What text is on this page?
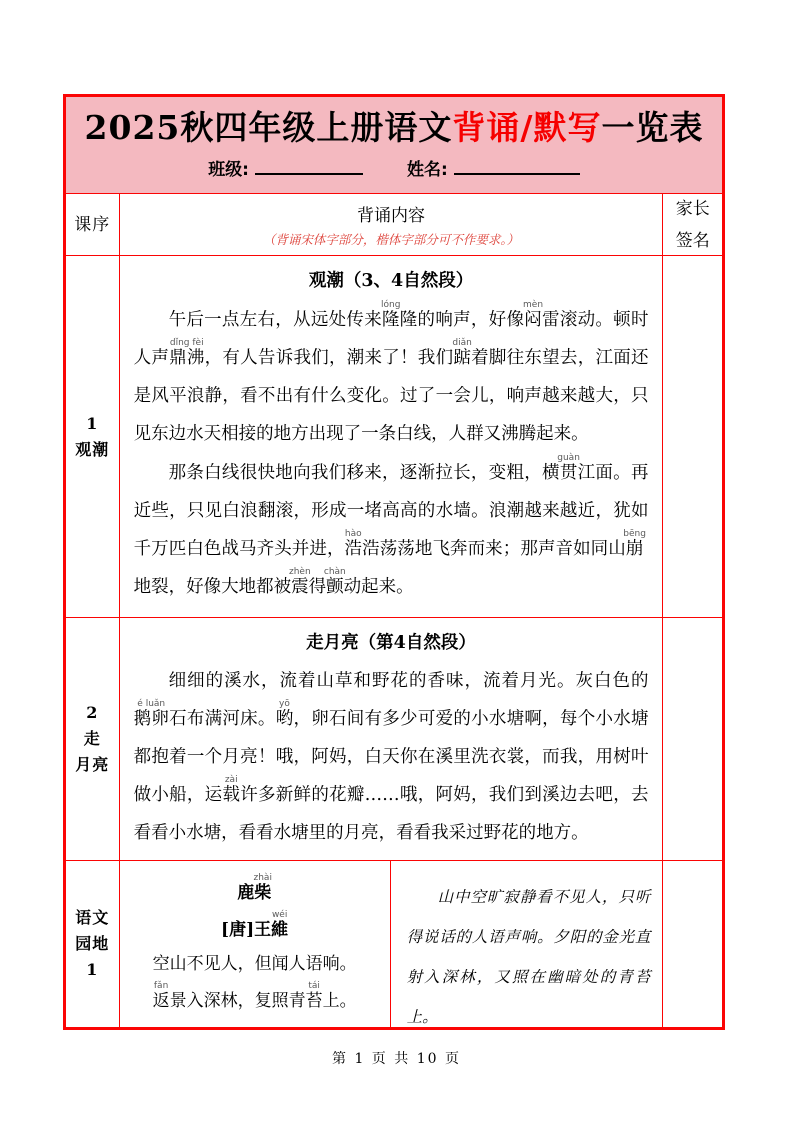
2025秋四年级上册语文背诵/默写一览表
班级:	姓名:
课序	背诵内容
（背诵宋体字部分，楷体字部分可不作要求。）
家长
签名
1
观潮
观潮（3、4自然段）

午后一点左右，从远处传来隆lóng隆的响声，好像闷mèn雷滚动。顿时人声鼎沸dǐng fèi，有人告诉我们，潮来了！我们踮diǎn着脚往东望去，江面还是风平浪静，看不出有什么变化。过了一会儿，响声越来越大，只见东边水天相接的地方出现了一条白线，人群又沸腾起来。

那条白线很快地向我们移来，逐渐拉长，变粗，横贯guàn江面。再近些，只见白浪翻滚，形成一堵高高的水墙。浪潮越来越近，犹如千万匹白色战马齐头并进，浩hào浩荡荡地飞奔而来；那声音如同山崩bēng地裂，好像大地都被震zhèn得颤chàn动起来。

2
走
月亮
走月亮（第4自然段）

细细的溪水，流着山草和野花的香味，流着月光。灰白色的鹅卵é luǎn石布满河床。哟yō，卵石间有多少可爱的小水塘啊，每个小水塘都抱着一个月亮！哦，阿妈，白天你在溪里洗衣裳，而我，用树叶做小船，运载zài许多新鲜的花瓣……哦，阿妈，我们到溪边去吧，去看看小水塘，看看水塘里的月亮，看看我采过野花的地方。

语文
园地
1
鹿柴zhài
[唐]王維wéi
空山不见人，但闻人语响。
返fǎn景入深林，复照青苔tái上。

山中空旷寂静看不见人，只听得说话的人语声响。夕阳的金光直射入深林，又照在幽暗处的青苔上。

第 1 页 共 10 页
